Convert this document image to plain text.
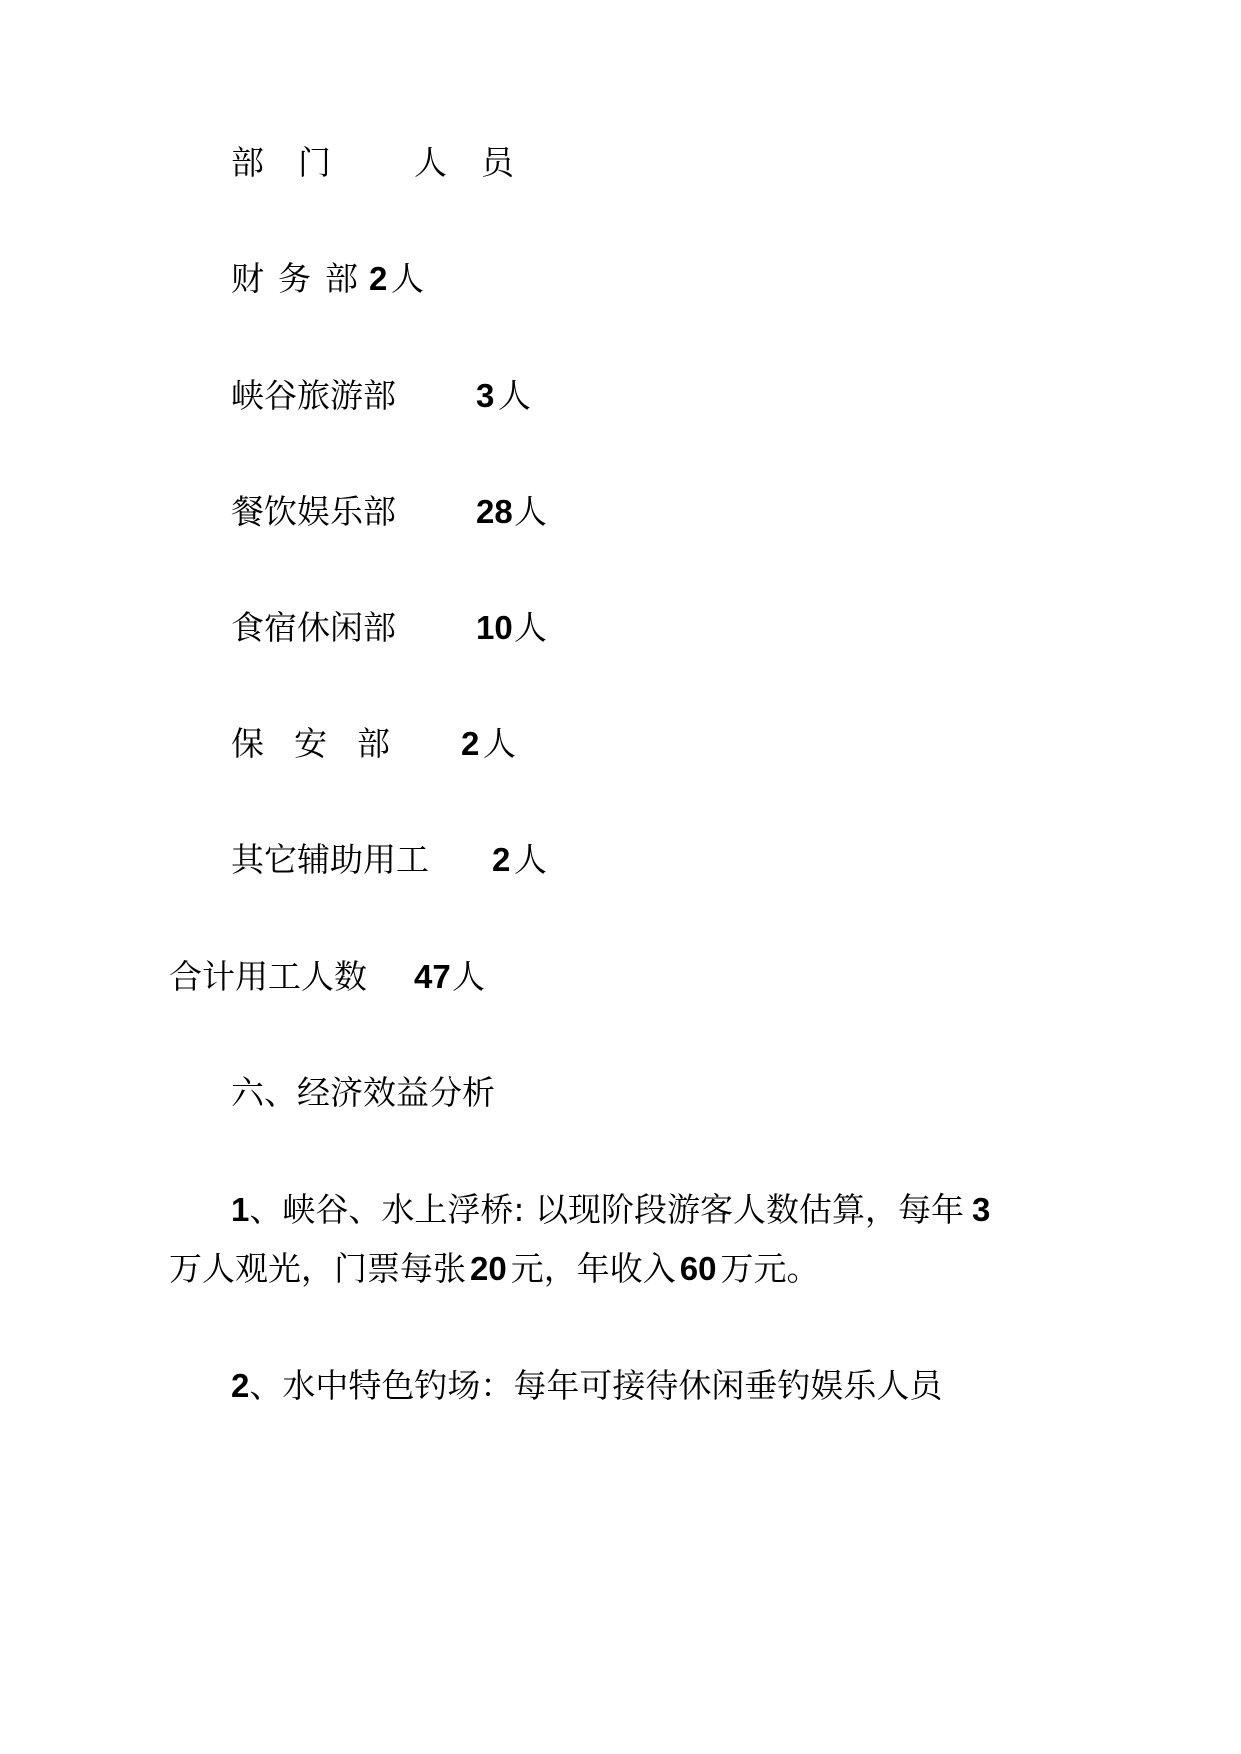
部门 人员
财务部
2 人
峡谷旅游部 3 人
餐饮娱乐部 28 人
食宿休闲部 10 人
保安部 2 人
其它辅助用工 2 人
合计用工人数 47 人
六、经济效益分析
1、峡谷、水上浮桥: 以现阶段游客人数估算，每年 3
万人观光，门票每张 20 元，年收入 60 万元。
2、水中特色钓场：每年可接待休闲垂钓娱乐人员
